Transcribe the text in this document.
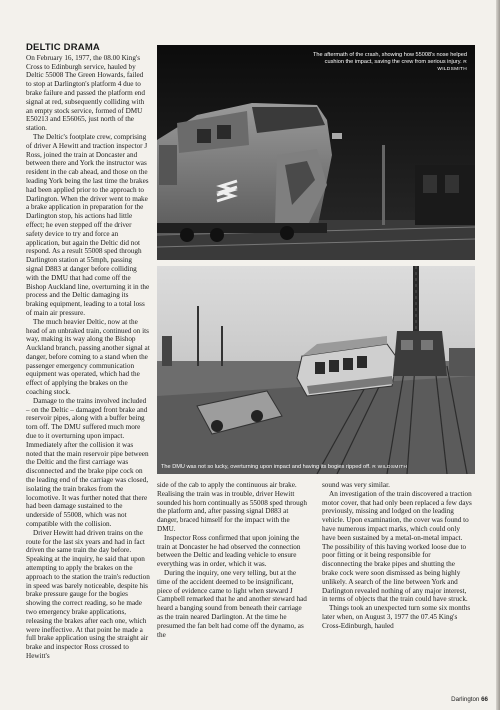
DELTIC DRAMA

On February 16, 1977, the 08.00 King's Cross to Edinburgh service, hauled by Deltic 55008 The Green Howards, failed to stop at Darlington's platform 4 due to brake failure and passed the platform end signal at red, subsequently colliding with an empty stock service, formed of DMU E50213 and E56065, just north of the station.

The Deltic's footplate crew, comprising of driver A Hewitt and traction inspector J Ross, joined the train at Doncaster and between there and York the instructor was resident in the cab ahead, and those on the leading York being the last time the brakes had been applied prior to the approach to Darlington. When the driver went to make a brake application in preparation for the Darlington stop, his actions had little effect; he even stepped off the driver safety device to try and force an application, but again the Deltic did not respond. As a result 55008 sped through Darlington station at 55mph, passing signal D883 at danger before colliding with the DMU that had come off the Bishop Auckland line, overturning it in the process and the Deltic damaging its braking equipment, leading to a total loss of main air pressure.

The much heavier Deltic, now at the head of an unbraked train, continued on its way, making its way along the Bishop Auckland branch, passing another signal at danger, before coming to a stand when the passenger emergency communication equipment was operated, which had the effect of applying the brakes on the coaching stock.

Damage to the trains involved included – on the Deltic – damaged front brake and reservoir pipes, along with a buffer being torn off. The DMU suffered much more due to it overturning upon impact. Immediately after the collision it was noted that the main reservoir pipe between the Deltic and the first carriage was disconnected and the brake pipe cock on the leading end of the carriage was closed, isolating the train brakes from the locomotive. It was further noted that there had been damage sustained to the underside of 55008, which was not compatible with the collision.

Driver Hewitt had driven trains on the route for the last six years and had in fact driven the same train the day before. Speaking at the inquiry, he said that upon attempting to apply the brakes on the approach to the station the train's reduction in speed was barely noticeable, despite his brake pressure gauge for the bogies showing the correct reading, so he made two emergency brake applications, releasing the brakes after each one, which were ineffective. At that point he made a full brake application using the straight air brake and inspector Ross crossed to Hewitt's

The aftermath of the crash, showing how 55008's nose helped cushion the impact, saving the crew from serious injury. R WILDSMITH
The DMU was not so lucky, overturning upon impact and having its bogies ripped off. R WILDSMITH

side of the cab to apply the continuous air brake. Realising the train was in trouble, driver Hewitt sounded his horn continually as 55008 sped through the platform and, after passing signal D883 at danger, braced himself for the impact with the DMU.

Inspector Ross confirmed that upon joining the train at Doncaster he had observed the connection between the Deltic and leading vehicle to ensure everything was in order, which it was.

During the inquiry, one very telling, but at the time of the accident deemed to be insignificant, piece of evidence came to light when steward J Campbell remarked that he and another steward had heard a banging sound from beneath their carriage as the train neared Darlington. At the time he presumed the fan belt had come off the dynamo, as the

sound was very similar.

An investigation of the train discovered a traction motor cover, that had only been replaced a few days previously, missing and lodged on the leading vehicle. Upon examination, the cover was found to have numerous impact marks, which could only have been sustained by a metal-on-metal impact. The possibility of this having worked loose due to poor fitting or it being responsible for disconnecting the brake pipes and shutting the brake cock were soon dismissed as being highly unlikely. A search of the line between York and Darlington revealed nothing of any major interest, in terms of objects that the train could have struck.

Things took an unexpected turn some six months later when, on August 3, 1977 the 07.45 King's Cross-Edinburgh, hauled

Darlington 66
